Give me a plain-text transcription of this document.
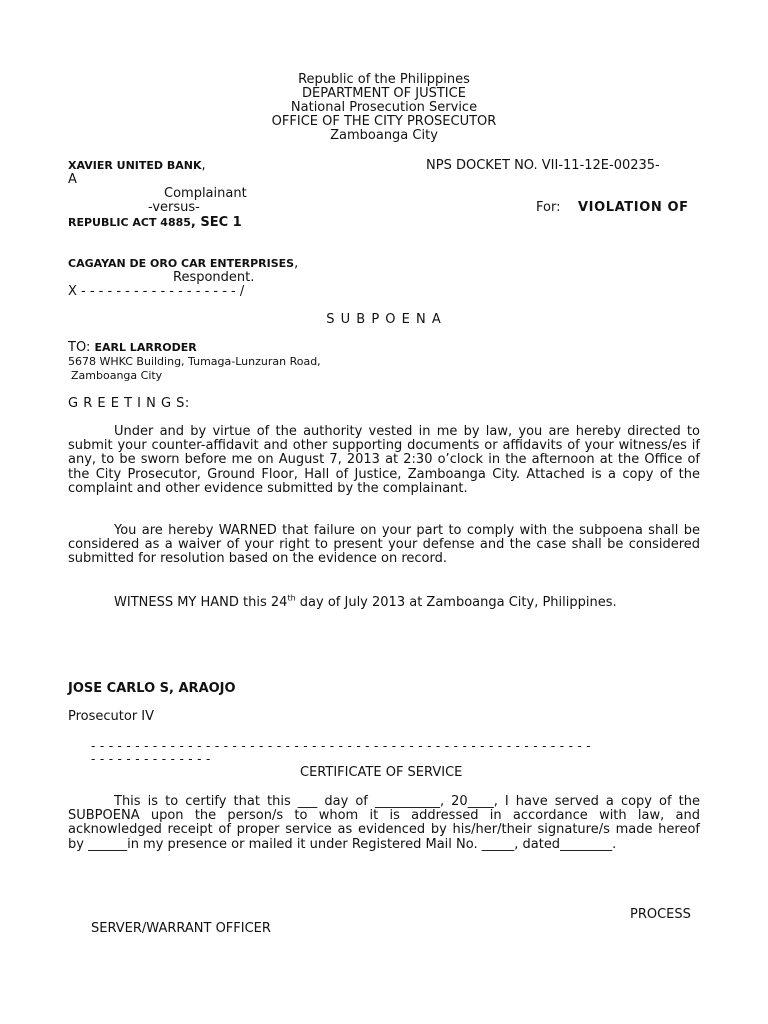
Republic of the Philippines
DEPARTMENT OF JUSTICE
National Prosecution Service
OFFICE OF THE CITY PROSECUTOR
Zamboanga City
XAVIER UNITED BANK,	NPS DOCKET NO. VII-11-12E-00235-
A
Complainant
-versus-	For: VIOLATION OF
REPUBLIC ACT 4885, SEC 1
CAGAYAN DE ORO CAR ENTERPRISES,
Respondent.
X - - - - - - - - - - - - - - - - - - /
S U B P O E N A
TO: EARL LARRODER
5678 WHKC Building, Tumaga-Lunzuran Road,
Zamboanga City
G R E E T I N G S:
Under and by virtue of the authority vested in me by law, you are hereby directed to submit your counter-affidavit and other supporting documents or affidavits of your witness/es if any, to be sworn before me on August 7, 2013 at 2:30 o’clock in the afternoon at the Office of the City Prosecutor, Ground Floor, Hall of Justice, Zamboanga City. Attached is a copy of the complaint and other evidence submitted by the complainant.
You are hereby WARNED that failure on your part to comply with the subpoena shall be considered as a waiver of your right to present your defense and the case shall be considered submitted for resolution based on the evidence on record.
WITNESS MY HAND this 24th day of July 2013 at Zamboanga City, Philippines.
JOSE CARLO S, ARAOJO
Prosecutor IV
- - - - - - - - - - - - - - - - - - - - - - - - - - - - - - - - - - - - - - - - - - - - - - - - - - - - - - - - -
- - - - - - - - - - - - - -
CERTIFICATE OF SERVICE
This is to certify that this ___ day of __________, 20____, I have served a copy of the SUBPOENA upon the person/s to whom it is addressed in accordance with law, and acknowledged receipt of proper service as evidenced by his/her/their signature/s made hereof by ______in my presence or mailed it under Registered Mail No. _____, dated________.
PROCESS
SERVER/WARRANT OFFICER
